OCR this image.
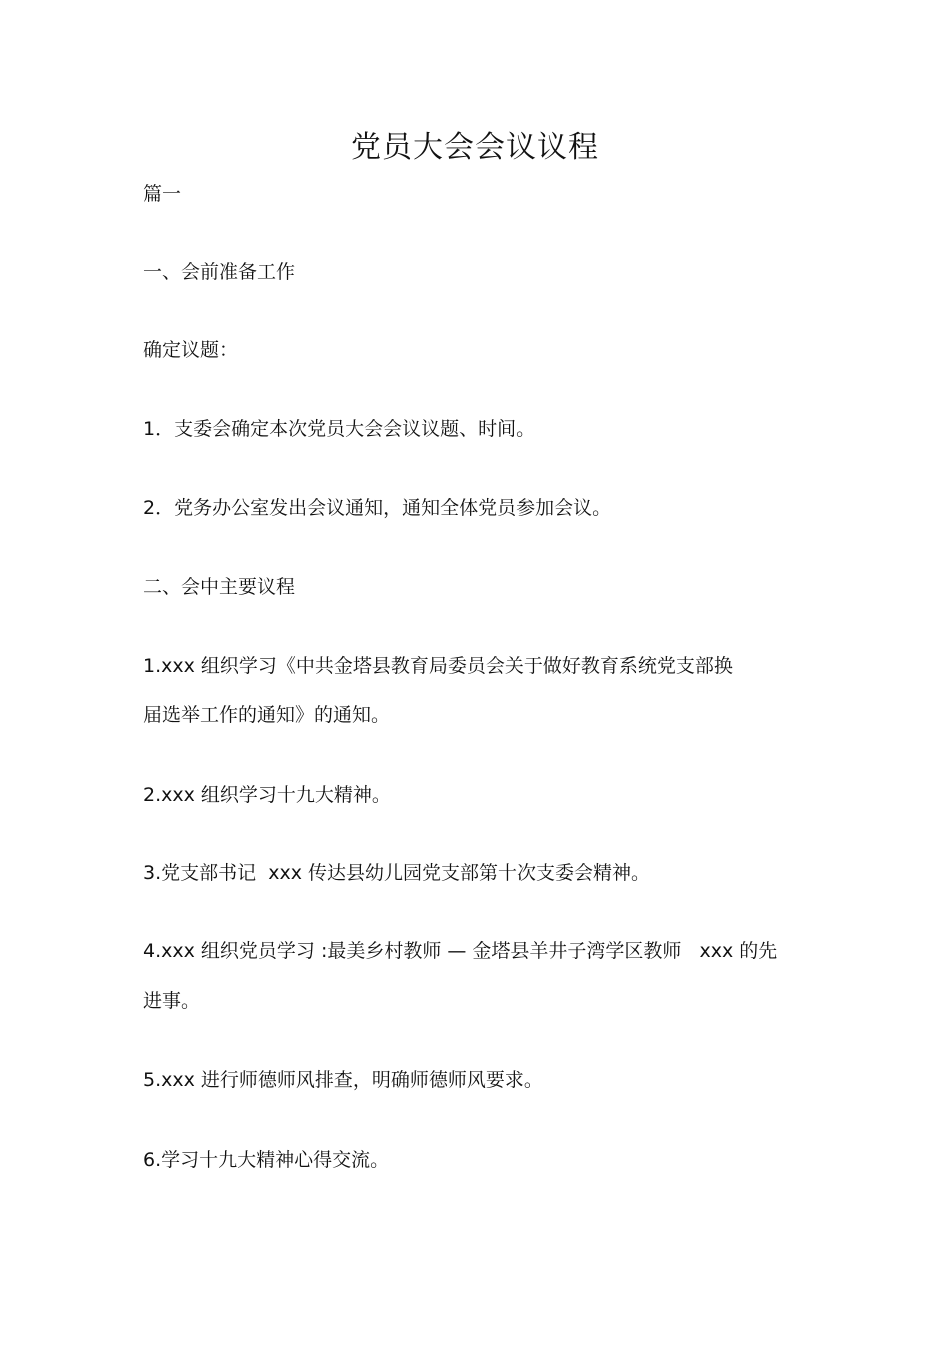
党员大会会议议程
篇一
一、会前准备工作
确定议题：
1．支委会确定本次党员大会会议议题、时间。
2．党务办公室发出会议通知，通知全体党员参加会议。
二、会中主要议程
1.xxx 组织学习《中共金塔县教育局委员会关于做好教育系统党支部换
届选举工作的通知》的通知。
2.xxx 组织学习十九大精神。
3.党支部书记  xxx 传达县幼儿园党支部第十次支委会精神。
4.xxx 组织党员学习 :最美乡村教师 — 金塔县羊井子湾学区教师   xxx 的先
进事。
5.xxx 进行师德师风排查，明确师德师风要求。
6.学习十九大精神心得交流。
